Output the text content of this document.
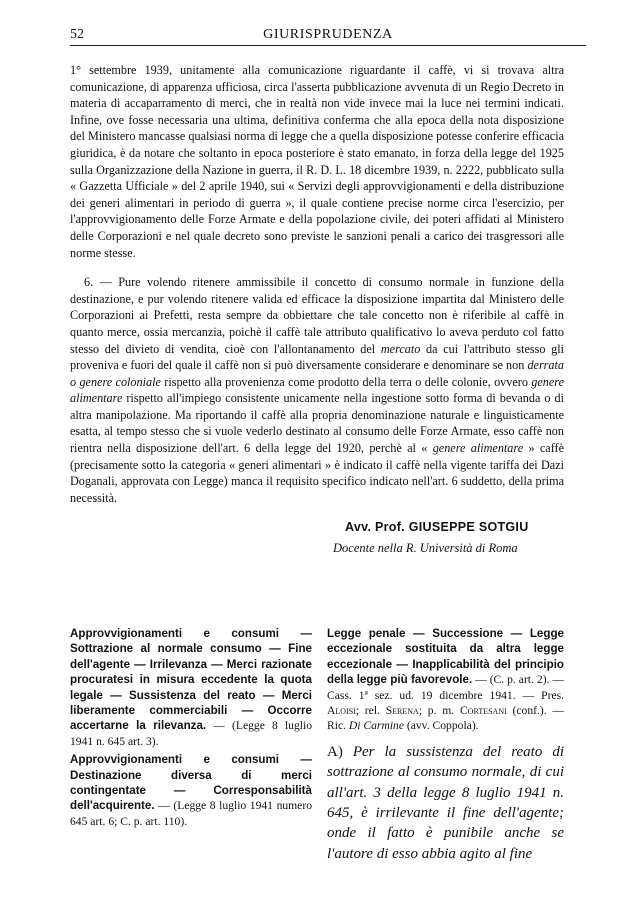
52	GIURISPRUDENZA

1° settembre 1939, unitamente alla comunicazione riguardante il caffè, vi si trovava altra comunicazione, di apparenza ufficiosa, circa l'asserta pubblicazione avvenuta di un Regio Decreto in materia di accaparramento di merci, che in realtà non vide invece mai la luce nei termini indicati. Infine, ove fosse necessaria una ultima, definitiva conferma che alla epoca della nota disposizione del Ministero mancasse qualsiasi norma di legge che a quella disposizione potesse conferire efficacia giuridica, è da notare che soltanto in epoca posteriore è stato emanato, in forza della legge del 1925 sulla Organizzazione della Nazione in guerra, il R. D. L. 18 dicembre 1939, n. 2222, pubblicato sulla « Gazzetta Ufficiale » del 2 aprile 1940, sui « Servizi degli approvvigionamenti e della distribuzione dei generi alimentari in periodo di guerra », il quale contiene precise norme circa l'esercizio, per l'approvvigionamento delle Forze Armate e della popolazione civile, dei poteri affidati al Ministero delle Corporazioni e nel quale decreto sono previste le sanzioni penali a carico dei trasgressori alle norme stesse.

6. — Pure volendo ritenere ammissibile il concetto di consumo normale in funzione della destinazione, e pur volendo ritenere valida ed efficace la disposizione impartita dal Ministero delle Corporazioni ai Prefetti, resta sempre da obbiettare che tale concetto non è riferibile al caffè in quanto merce, ossia mercanzia, poichè il caffè tale attributo qualificativo lo aveva perduto col fatto stesso del divieto di vendita, cioè con l'allontanamento del mercato da cui l'attributo stesso gli proveniva e fuori del quale il caffè non si può diversamente considerare e denominare se non derrata o genere coloniale rispetto alla provenienza come prodotto della terra o delle colonie, ovvero genere alimentare rispetto all'impiego consistente unicamente nella ingestione sotto forma di bevanda o di altra manipolazione. Ma riportando il caffè alla propria denominazione naturale e linguisticamente esatta, al tempo stesso che si vuole vederlo destinato al consumo delle Forze Armate, esso caffè non rientra nella disposizione dell'art. 6 della legge del 1920, perchè al « genere alimentare » caffè (precisamente sotto la categoria « generi alimentari » è indicato il caffè nella vigente tariffa dei Dazi Doganali, approvata con Legge) manca il requisito specifico indicato nell'art. 6 suddetto, della prima necessità.

Avv. Prof. GIUSEPPE SOTGIU
Docente nella R. Università di Roma
Approvvigionamenti e consumi — Sottrazione al normale consumo — Fine dell'agente — Irrilevanza — Merci razionate procuratesi in misura eccedente la quota legale — Sussistenza del reato — Merci liberamente commerciabili — Occorre accertarne la rilevanza. — (Legge 8 luglio 1941 n. 645 art. 3).
Approvvigionamenti e consumi — Destinazione diversa di merci contingentate — Corresponsabilità dell'acquirente. — (Legge 8 luglio 1941 numero 645 art. 6; C. p. art. 110).
Legge penale — Successione — Legge eccezionale sostituita da altra legge eccezionale — Inapplicabilità del principio della legge più favorevole. — (C. p. art. 2). — Cass. 1ª sez. ud. 19 dicembre 1941. — Pres. Aloisi; rel. Serena; p. m. Cortesani (conf.). — Ric. Di Carmine (avv. Coppola).
A) Per la sussistenza del reato di sottrazione al consumo normale, di cui all'art. 3 della legge 8 luglio 1941 n. 645, è irrilevante il fine dell'agente; onde il fatto è punibile anche se l'autore di esso abbia agito al fine
